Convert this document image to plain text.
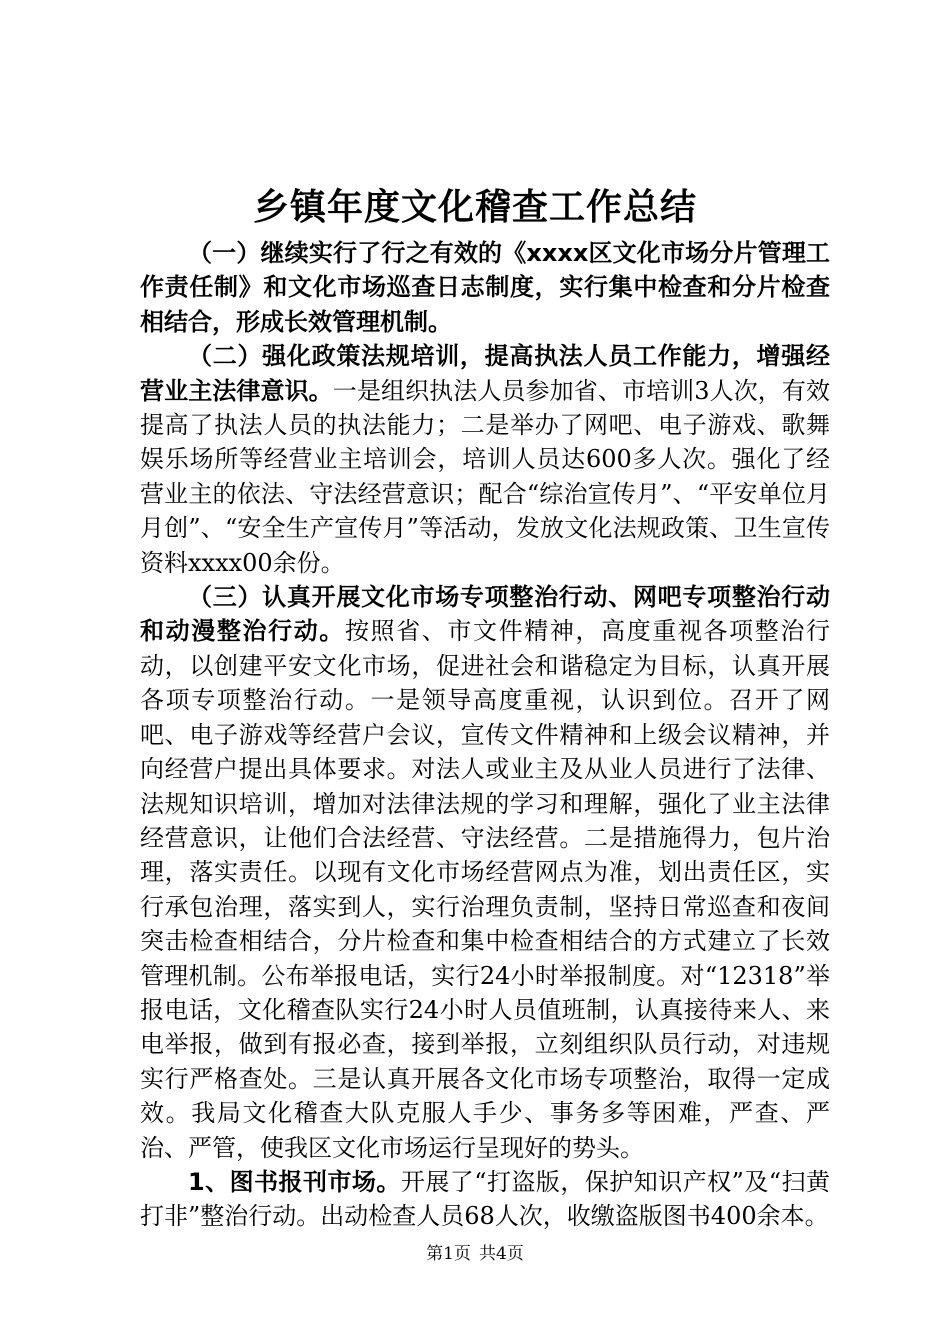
乡镇年度文化稽查工作总结

（一）继续实行了行之有效的《xxxx区文化市场分片管理工作责任制》和文化市场巡查日志制度，实行集中检查和分片检查相结合，形成长效管理机制。

（二）强化政策法规培训，提高执法人员工作能力，增强经营业主法律意识。一是组织执法人员参加省、市培训3人次，有效提高了执法人员的执法能力；二是举办了网吧、电子游戏、歌舞娱乐场所等经营业主培训会，培训人员达600多人次。强化了经营业主的依法、守法经营意识；配合“综治宣传月”、“平安单位月月创”、“安全生产宣传月”等活动，发放文化法规政策、卫生宣传资料xxxx00余份。

（三）认真开展文化市场专项整治行动、网吧专项整治行动和动漫整治行动。按照省、市文件精神，高度重视各项整治行动，以创建平安文化市场，促进社会和谐稳定为目标，认真开展各项专项整治行动。一是领导高度重视，认识到位。召开了网吧、电子游戏等经营户会议，宣传文件精神和上级会议精神，并向经营户提出具体要求。对法人或业主及从业人员进行了法律、法规知识培训，增加对法律法规的学习和理解，强化了业主法律经营意识，让他们合法经营、守法经营。二是措施得力，包片治理，落实责任。以现有文化市场经营网点为准，划出责任区，实行承包治理，落实到人，实行治理负责制，坚持日常巡查和夜间突击检查相结合，分片检查和集中检查相结合的方式建立了长效管理机制。公布举报电话，实行24小时举报制度。对“12318”举报电话，文化稽查队实行24小时人员值班制，认真接待来人、来电举报，做到有报必查，接到举报，立刻组织队员行动，对违规实行严格查处。三是认真开展各文化市场专项整治，取得一定成效。我局文化稽查大队克服人手少、事务多等困难，严查、严治、严管，使我区文化市场运行呈现好的势头。

1、图书报刊市场。开展了“打盗版，保护知识产权”及“扫黄打非”整治行动。出动检查人员68人次，收缴盗版图书400余本。

第1页 共4页
